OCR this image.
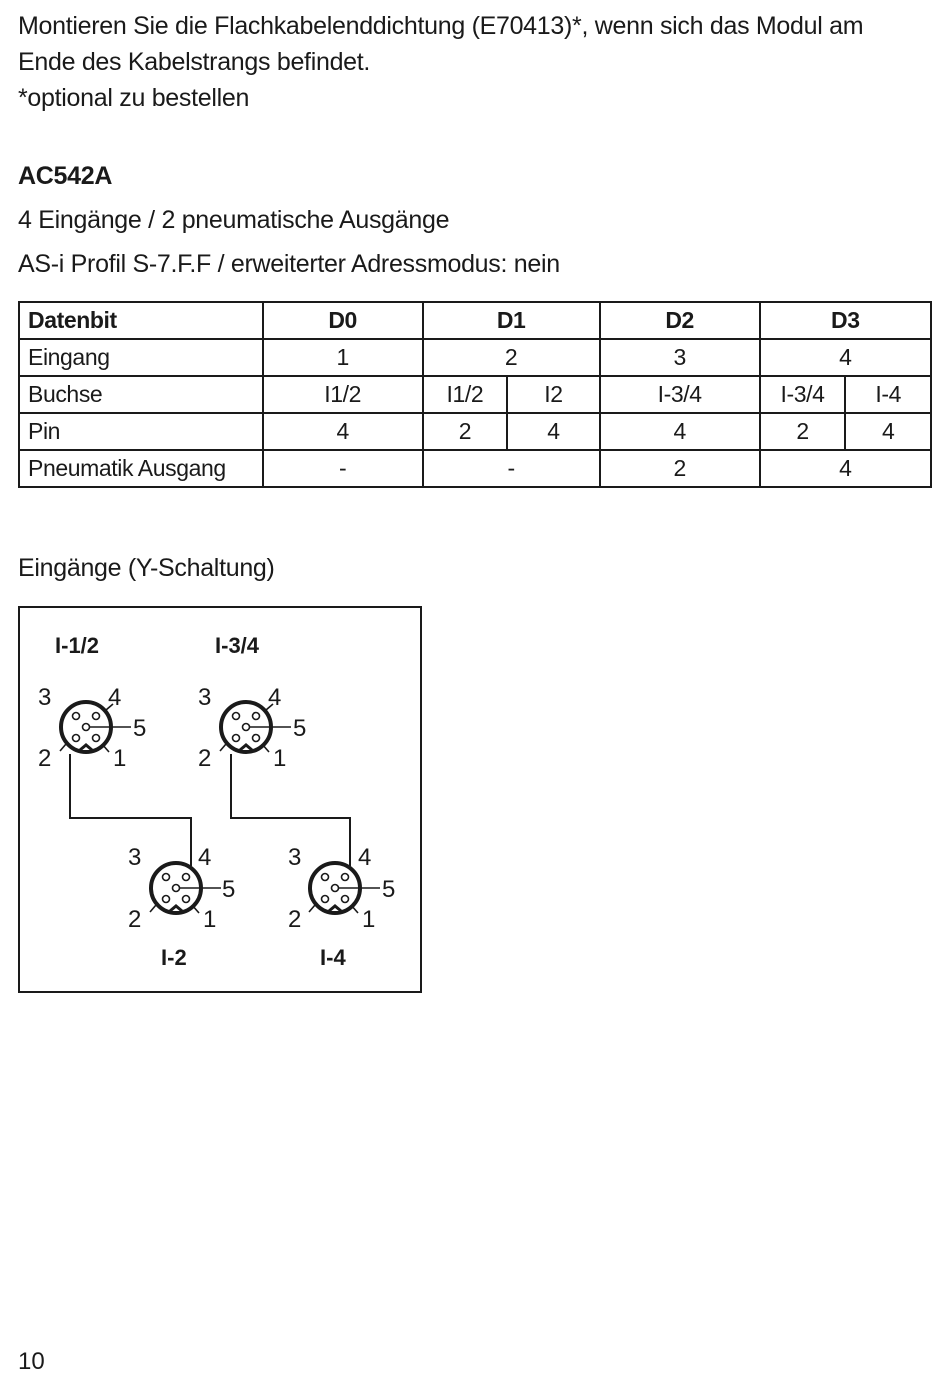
Montieren Sie die Flachkabelenddichtung (E70413)*, wenn sich das Modul am

Ende des Kabelstrangs befindet.

*optional zu bestellen

AC542A
4 Eingänge / 2 pneumatische Ausgänge
AS-i Profil S-7.F.F / erweiterter Adressmodus: nein
Datenbit	D0	D1		D2	D3	
Eingang	1	2		3	4	
Buchse	I1/2	I1/2	I2	I-3/4	I-3/4	I-4
Pin	4	2	4	4	2	4
Pneumatik Ausgang	-	-		2	4	
Eingänge (Y-Schaltung)
I-1/2	I-3/4
I-2	I-4
3 4
5
2	1
3 4
5
2	1
3 4
5
2	1
3 4
5
2	1
10
